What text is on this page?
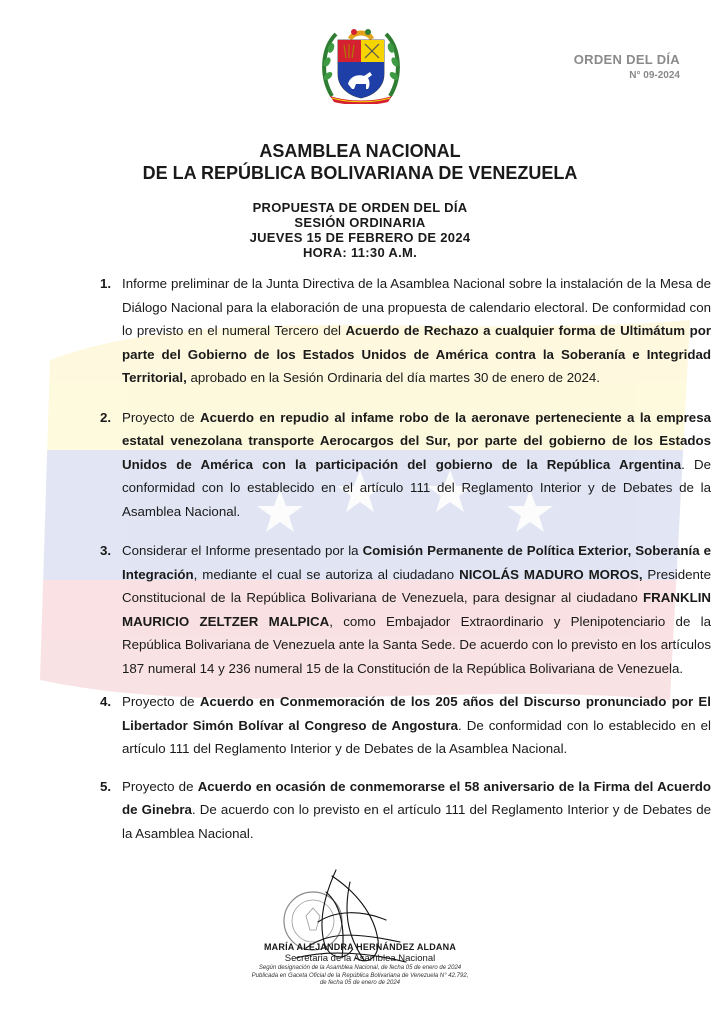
ORDEN DEL DÍA
N° 09-2024
ASAMBLEA NACIONAL
DE LA REPÚBLICA BOLIVARIANA DE VENEZUELA
PROPUESTA DE ORDEN DEL DÍA
SESIÓN ORDINARIA
JUEVES 15 DE FEBRERO DE 2024
HORA: 11:30 A.M.
1. Informe preliminar de la Junta Directiva de la Asamblea Nacional sobre la instalación de la Mesa de Diálogo Nacional para la elaboración de una propuesta de calendario electoral. De conformidad con lo previsto en el numeral Tercero del Acuerdo de Rechazo a cualquier forma de Ultimátum por parte del Gobierno de los Estados Unidos de América contra la Soberanía e Integridad Territorial, aprobado en la Sesión Ordinaria del día martes 30 de enero de 2024.
2. Proyecto de Acuerdo en repudio al infame robo de la aeronave perteneciente a la empresa estatal venezolana transporte Aerocargos del Sur, por parte del gobierno de los Estados Unidos de América con la participación del gobierno de la República Argentina. De conformidad con lo establecido en el artículo 111 del Reglamento Interior y de Debates de la Asamblea Nacional.
3. Considerar el Informe presentado por la Comisión Permanente de Política Exterior, Soberanía e Integración, mediante el cual se autoriza al ciudadano NICOLÁS MADURO MOROS, Presidente Constitucional de la República Bolivariana de Venezuela, para designar al ciudadano FRANKLIN MAURICIO ZELTZER MALPICA, como Embajador Extraordinario y Plenipotenciario de la República Bolivariana de Venezuela ante la Santa Sede. De acuerdo con lo previsto en los artículos 187 numeral 14 y 236 numeral 15 de la Constitución de la República Bolivariana de Venezuela.
4. Proyecto de Acuerdo en Conmemoración de los 205 años del Discurso pronunciado por El Libertador Simón Bolívar al Congreso de Angostura. De conformidad con lo establecido en el artículo 111 del Reglamento Interior y de Debates de la Asamblea Nacional.
5. Proyecto de Acuerdo en ocasión de conmemorarse el 58 aniversario de la Firma del Acuerdo de Ginebra. De acuerdo con lo previsto en el artículo 111 del Reglamento Interior y de Debates de la Asamblea Nacional.
MARÍA ALEJANDRA HERNÁNDEZ ALDANA
Secretaria de la Asamblea Nacional
Según designación de la Asamblea Nacional, de fecha 05 de enero de 2024
Publicada en Gaceta Oficial de la República Bolivariana de Venezuela N° 42.792,
de fecha 05 de enero de 2024
